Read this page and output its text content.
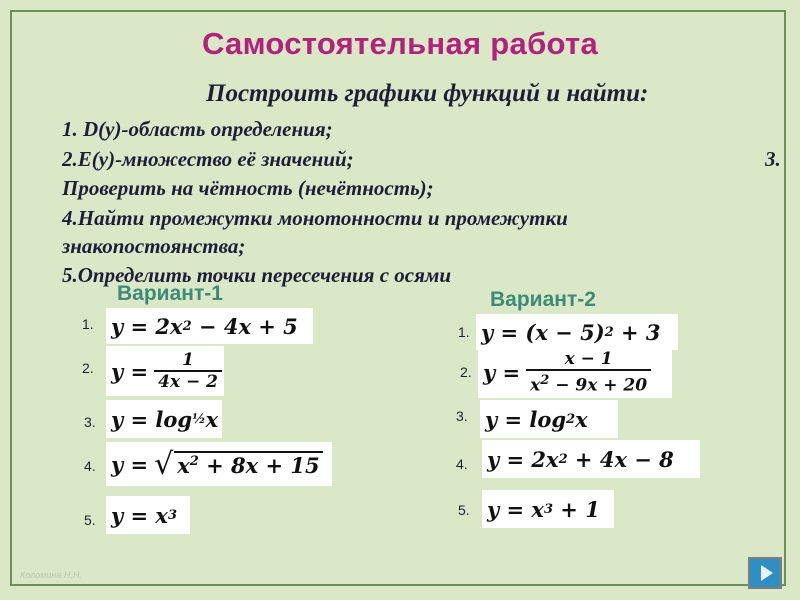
Самостоятельная работа
Построить графики функций и найти:
1. D(y)-область определения;
2.E(y)-множество её значений;	3.
Проверить на чётность (нечётность);
4.Найти промежутки монотонности и промежутки
знакопостоянства;
5.Определить точки пересечения с осями
Вариант-1
1. y = 2x 2 − 4x + 5
2. $y = \frac{1}{4x - 2}$
3. y = log ½ x
4. y = √ $x^2 + 8x + 15$
5. y = x 3
Вариант-2
1. y = (x − 5) 2 + 3
2. $y = \frac{x - 1}{x^2 - 9x + 20}$
3. y = log 2 x
4. y = 2x 2 + 4x − 8
5. y = x 3 + 1
Коломина Н.Н.
